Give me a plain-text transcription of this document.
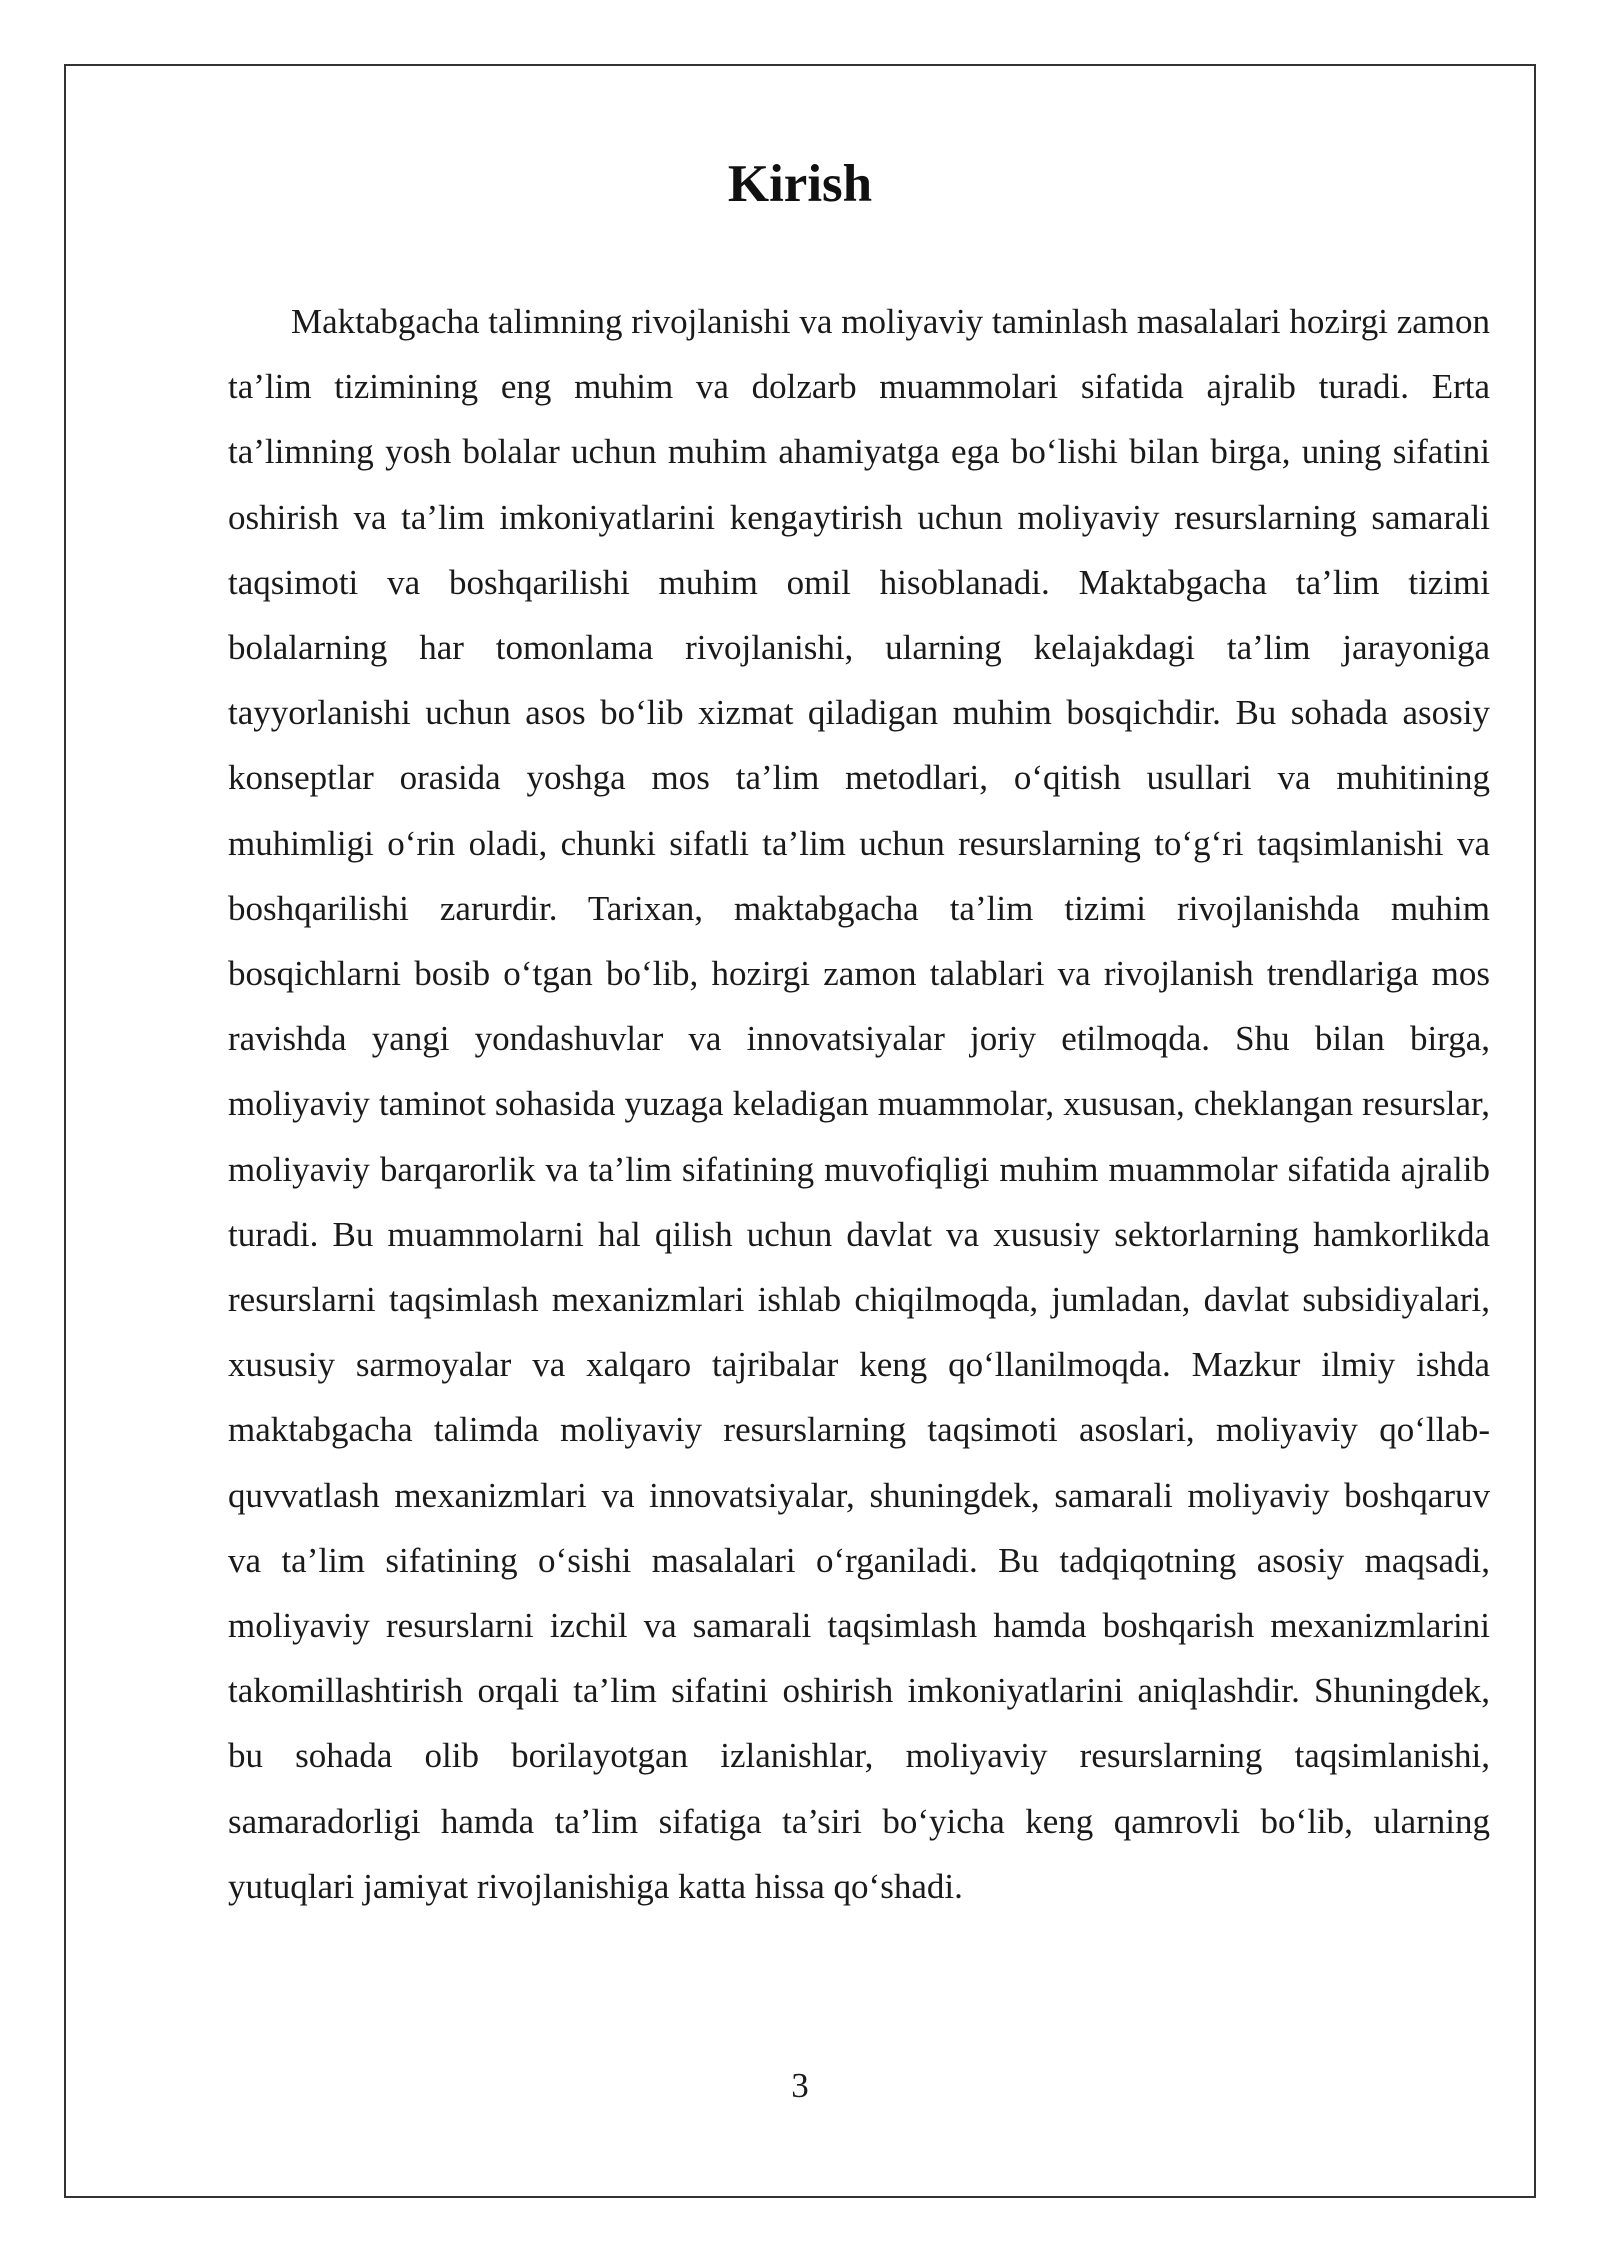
Kirish

Maktabgacha talimning rivojlanishi va moliyaviy taminlash masalalari hozirgi zamon ta’lim tizimining eng muhim va dolzarb muammolari sifatida ajralib turadi. Erta ta’limning yosh bolalar uchun muhim ahamiyatga ega bo‘lishi bilan birga, uning sifatini oshirish va ta’lim imkoniyatlarini kengaytirish uchun moliyaviy resurslarning samarali taqsimoti va boshqarilishi muhim omil hisoblanadi. Maktabgacha ta’lim tizimi bolalarning har tomonlama rivojlanishi, ularning kelajakdagi ta’lim jarayoniga tayyorlanishi uchun asos bo‘lib xizmat qiladigan muhim bosqichdir. Bu sohada asosiy konseptlar orasida yoshga mos ta’lim metodlari, o‘qitish usullari va muhitining muhimligi o‘rin oladi, chunki sifatli ta’lim uchun resurslarning to‘g‘ri taqsimlanishi va boshqarilishi zarurdir. Tarixan, maktabgacha ta’lim tizimi rivojlanishda muhim bosqichlarni bosib o‘tgan bo‘lib, hozirgi zamon talablari va rivojlanish trendlariga mos ravishda yangi yondashuvlar va innovatsiyalar joriy etilmoqda. Shu bilan birga, moliyaviy taminot sohasida yuzaga keladigan muammolar, xususan, cheklangan resurslar, moliyaviy barqarorlik va ta’lim sifatining muvofiqligi muhim muammolar sifatida ajralib turadi. Bu muammolarni hal qilish uchun davlat va xususiy sektorlarning hamkorlikda resurslarni taqsimlash mexanizmlari ishlab chiqilmoqda, jumladan, davlat subsidiyalari, xususiy sarmoyalar va xalqaro tajribalar keng qo‘llanilmoqda. Mazkur ilmiy ishda maktabgacha talimda moliyaviy resurslarning taqsimoti asoslari, moliyaviy qo‘llab-quvvatlash mexanizmlari va innovatsiyalar, shuningdek, samarali moliyaviy boshqaruv va ta’lim sifatining o‘sishi masalalari o‘rganiladi. Bu tadqiqotning asosiy maqsadi, moliyaviy resurslarni izchil va samarali taqsimlash hamda boshqarish mexanizmlarini takomillashtirish orqali ta’lim sifatini oshirish imkoniyatlarini aniqlashdir. Shuningdek, bu sohada olib borilayotgan izlanishlar, moliyaviy resurslarning taqsimlanishi, samaradorligi hamda ta’lim sifatiga ta’siri bo‘yicha keng qamrovli bo‘lib, ularning yutuqlari jamiyat rivojlanishiga katta hissa qo‘shadi.

3
